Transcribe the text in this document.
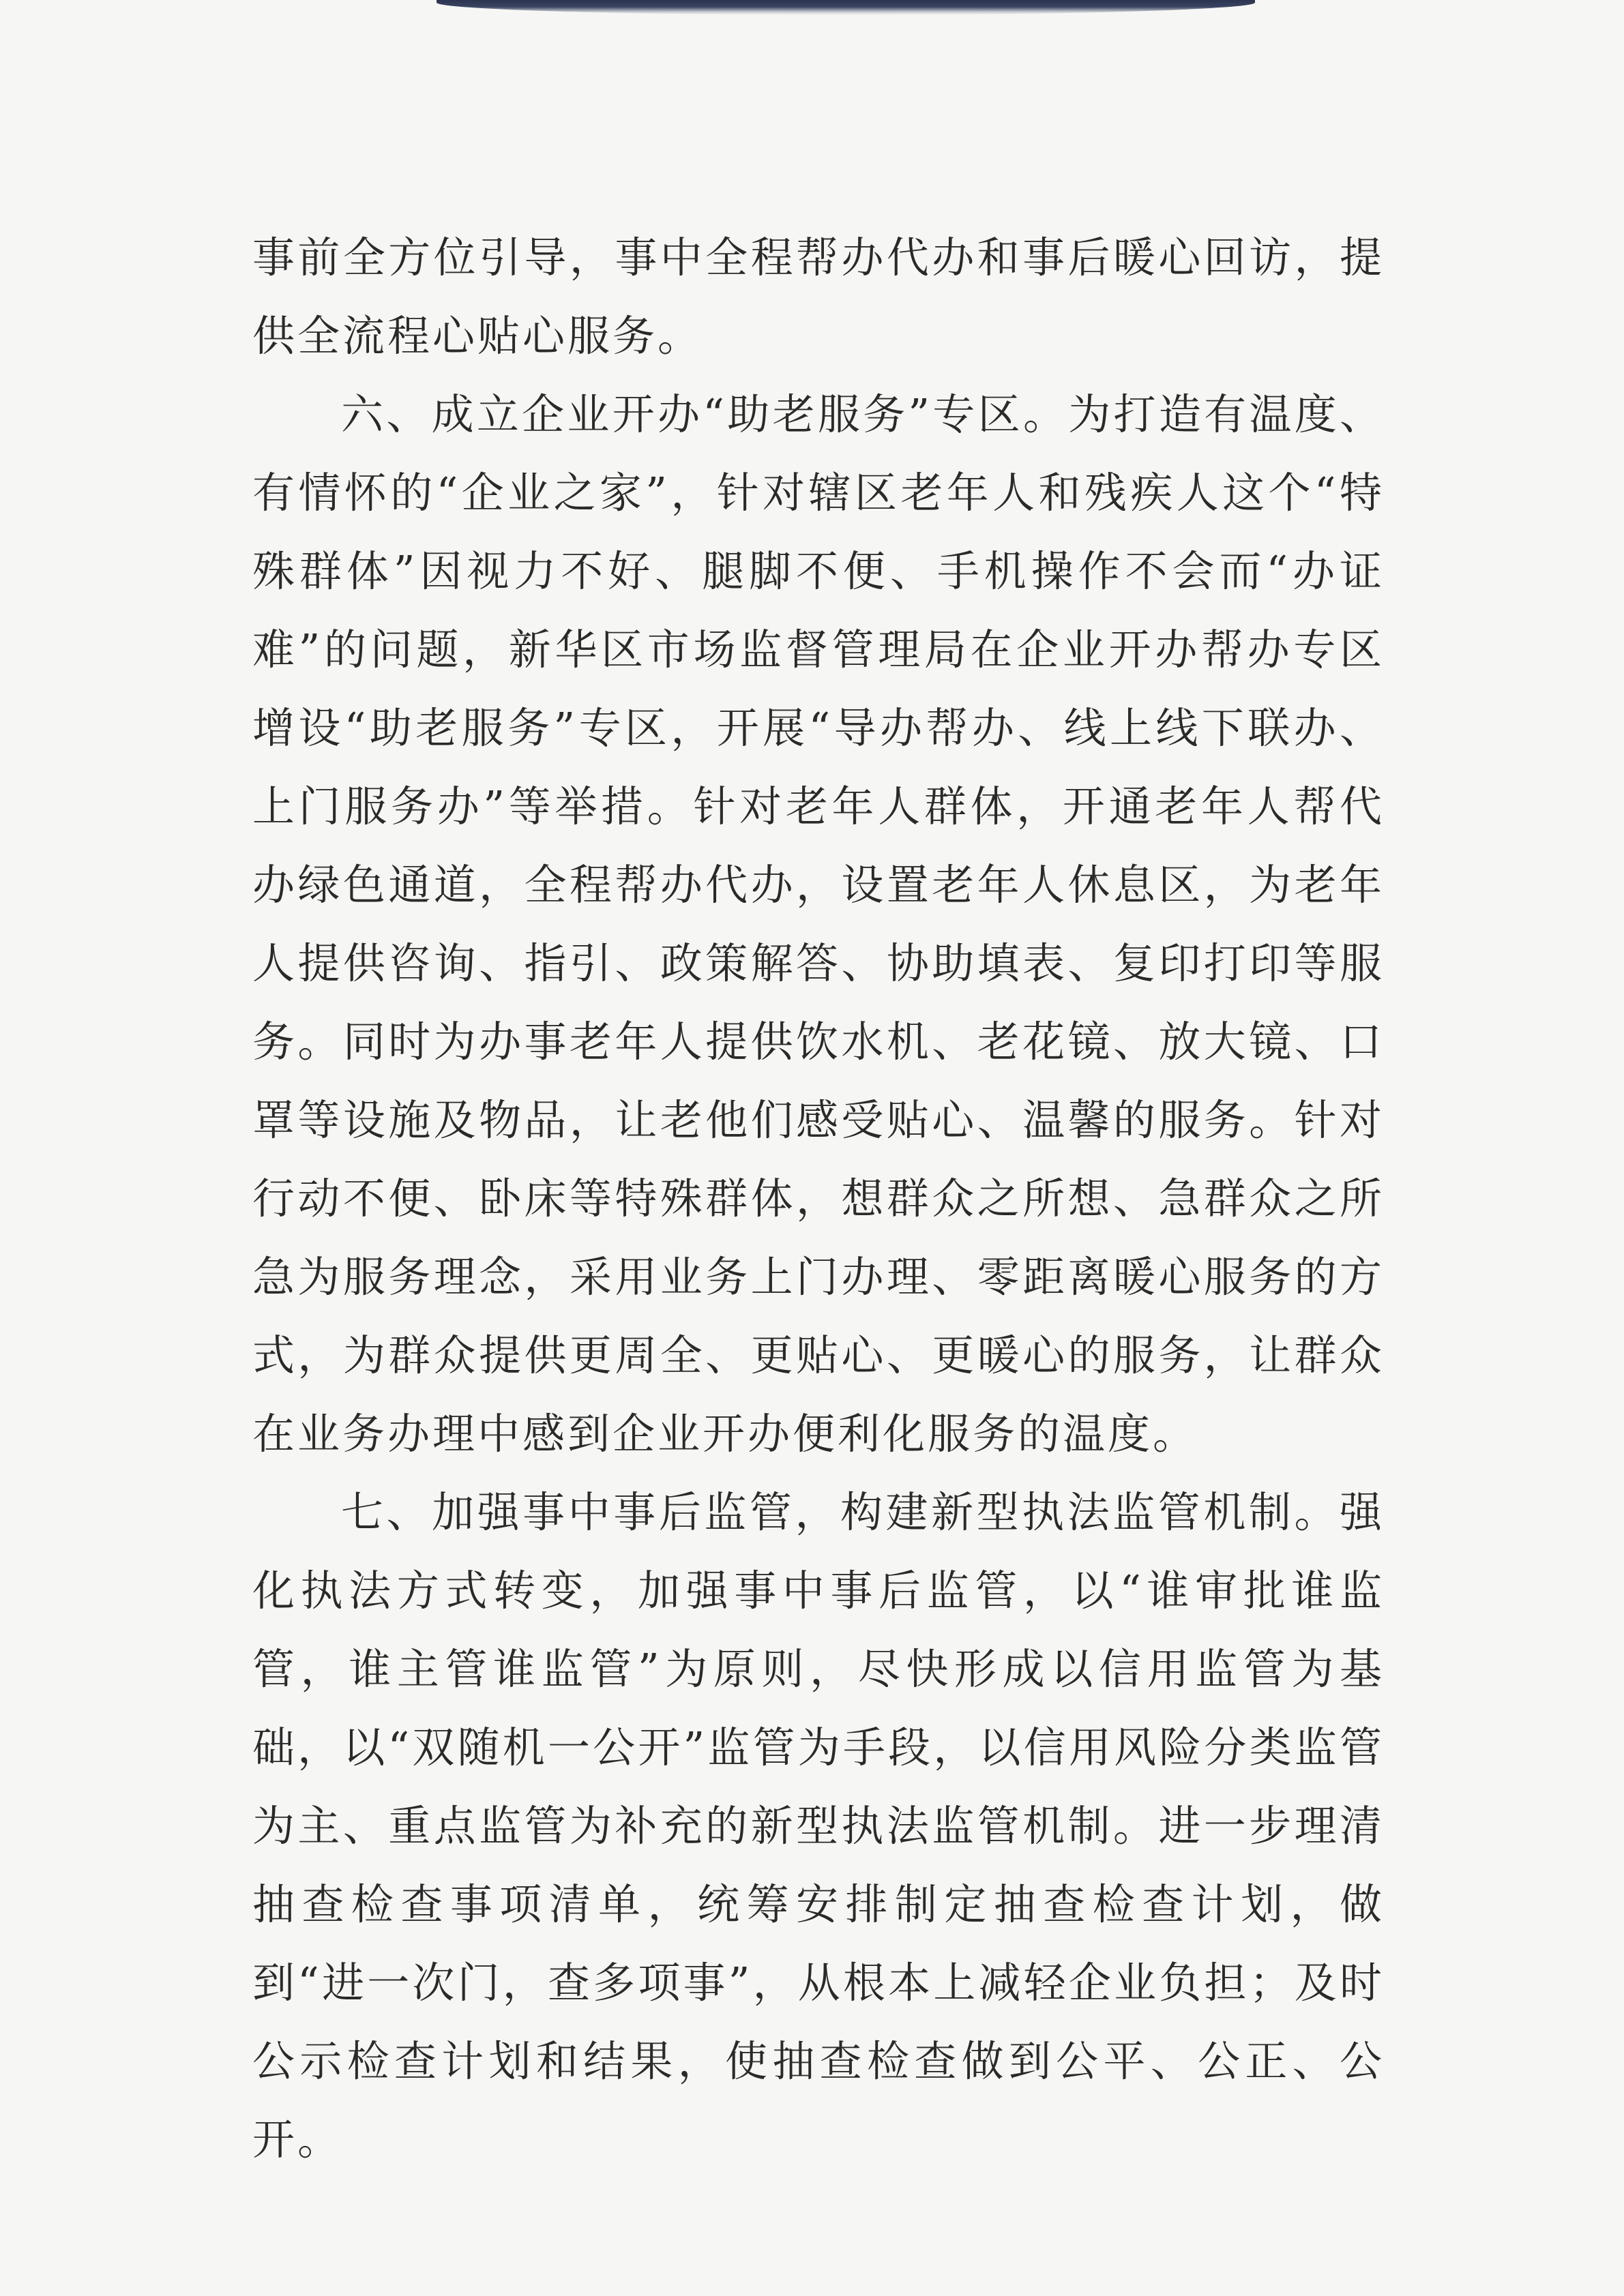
事前全方位引导，事中全程帮办代办和事后暖心回访，提供全流程心贴心服务。

六、成立企业开办“助老服务”专区。为打造有温度、有情怀的“企业之家”，针对辖区老年人和残疾人这个“特殊群体”因视力不好、腿脚不便、手机操作不会而“办证难”的问题，新华区市场监督管理局在企业开办帮办专区增设“助老服务”专区，开展“导办帮办、线上线下联办、上门服务办”等举措。针对老年人群体，开通老年人帮代办绿色通道，全程帮办代办，设置老年人休息区，为老年人提供咨询、指引、政策解答、协助填表、复印打印等服务。同时为办事老年人提供饮水机、老花镜、放大镜、口罩等设施及物品，让老他们感受贴心、温馨的服务。针对行动不便、卧床等特殊群体，想群众之所想、急群众之所急为服务理念，采用业务上门办理、零距离暖心服务的方式，为群众提供更周全、更贴心、更暖心的服务，让群众在业务办理中感到企业开办便利化服务的温度。

七、加强事中事后监管，构建新型执法监管机制。强化执法方式转变，加强事中事后监管，以“谁审批谁监管，谁主管谁监管”为原则，尽快形成以信用监管为基础，以“双随机一公开”监管为手段，以信用风险分类监管为主、重点监管为补充的新型执法监管机制。进一步理清抽查检查事项清单，统筹安排制定抽查检查计划，做到“进一次门，查多项事”，从根本上减轻企业负担；及时公示检查计划和结果，使抽查检查做到公平、公正、公开。
